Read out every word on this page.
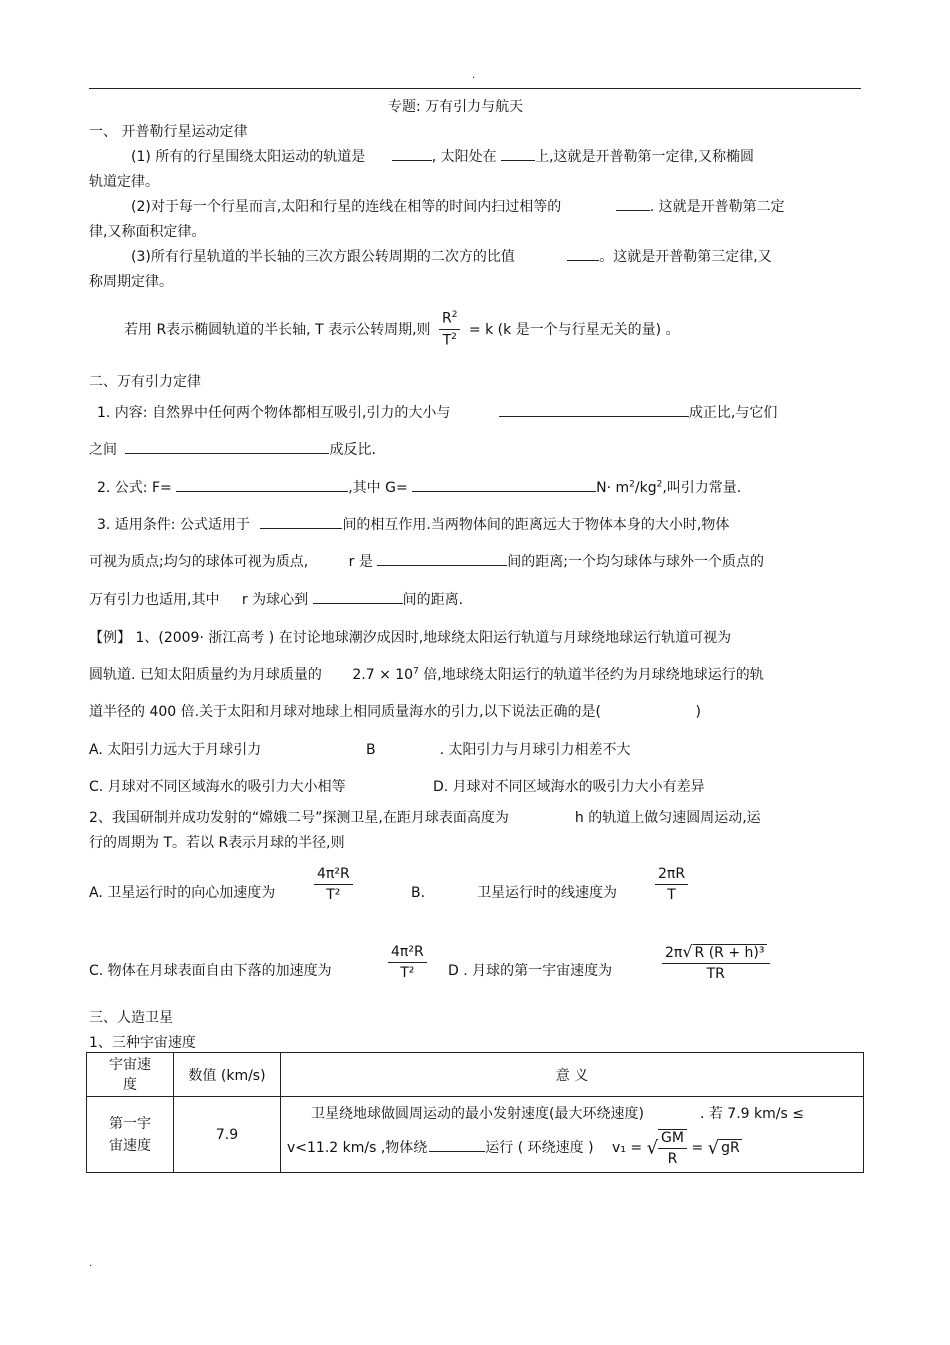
.
专题: 万有引力与航天
一、 开普勒行星运动定律
(1) 所有的行星围绕太阳运动的轨道是	, 太阳处在	上,这就是开普勒第一定律,又称椭圆
轨道定律。
(2)对于每一个行星而言,太阳和行星的连线在相等的时间内扫过相等的	. 这就是开普勒第二定
律,又称面积定律。
(3)所有行星轨道的半长轴的三次方跟公转周期的二次方的比值	。这就是开普勒第三定律,又
称周期定律。
若用 R表示椭圆轨道的半长轴, T 表示公转周期,则 $\frac{R^2}{T^2} = k$ (k 是一个与行星无关的量) 。
二、万有引力定律
1. 内容: 自然界中任何两个物体都相互吸引,引力的大小与	成正比,与它们
之间	成反比.
2. 公式: F=	,其中 G=	$N\cdot m^2/kg^2$,叫引力常量.
3. 适用条件: 公式适用于	间的相互作用.当两物体间的距离远大于物体本身的大小时,物体
可视为质点;均匀的球体可视为质点,	r 是	间的距离;一个均匀球体与球外一个质点的
万有引力也适用,其中 r 为球心到	间的距离.
【例】 1、(2009· 浙江高考 ) 在讨论地球潮汐成因时,地球绕太阳运行轨道与月球绕地球运行轨道可视为
圆轨道. 已知太阳质量约为月球质量的 $2.7 \times 10^7$ 倍,地球绕太阳运行的轨道半径约为月球绕地球运行的轨
道半径的 400 倍.关于太阳和月球对地球上相同质量海水的引力,以下说法正确的是(	)
A. 太阳引力远大于月球引力	B	. 太阳引力与月球引力相差不大
C. 月球对不同区域海水的吸引力大小相等	D. 月球对不同区域海水的吸引力大小有差异
2、我国研制并成功发射的“嫦娥二号”探测卫星,在距月球表面高度为	h 的轨道上做匀速圆周运动,运
行的周期为 T。若以 R表示月球的半径,则
A. 卫星运行时的向心加速度为	$\frac{\text{4π²R}}{\text{T²}}$	B.	卫星运行时的线速度为	$\frac{2\pi R}{T}$
C. 物体在月球表面自由下落的加速度为	$\frac{\text{4π²R}}{\text{T²}}$ D . 月球的第一宇宙速度为	$\frac{\text{2π√ R (R + h)³}}{TR}$
三、人造卫星
1、三种宇宙速度
宇宙速度	数值 (km/s)	意 义

第一宇宙速度	7.9	卫星绕地球做圆周运动的最小发射速度(最大环绕速度) . 若 7.9 km/s ≤
v<11.2 km/s ,物体绕 运行 ( 环绕速度 ) v₁ = √ $\frac{GM}{R}$ = √ gR
.
